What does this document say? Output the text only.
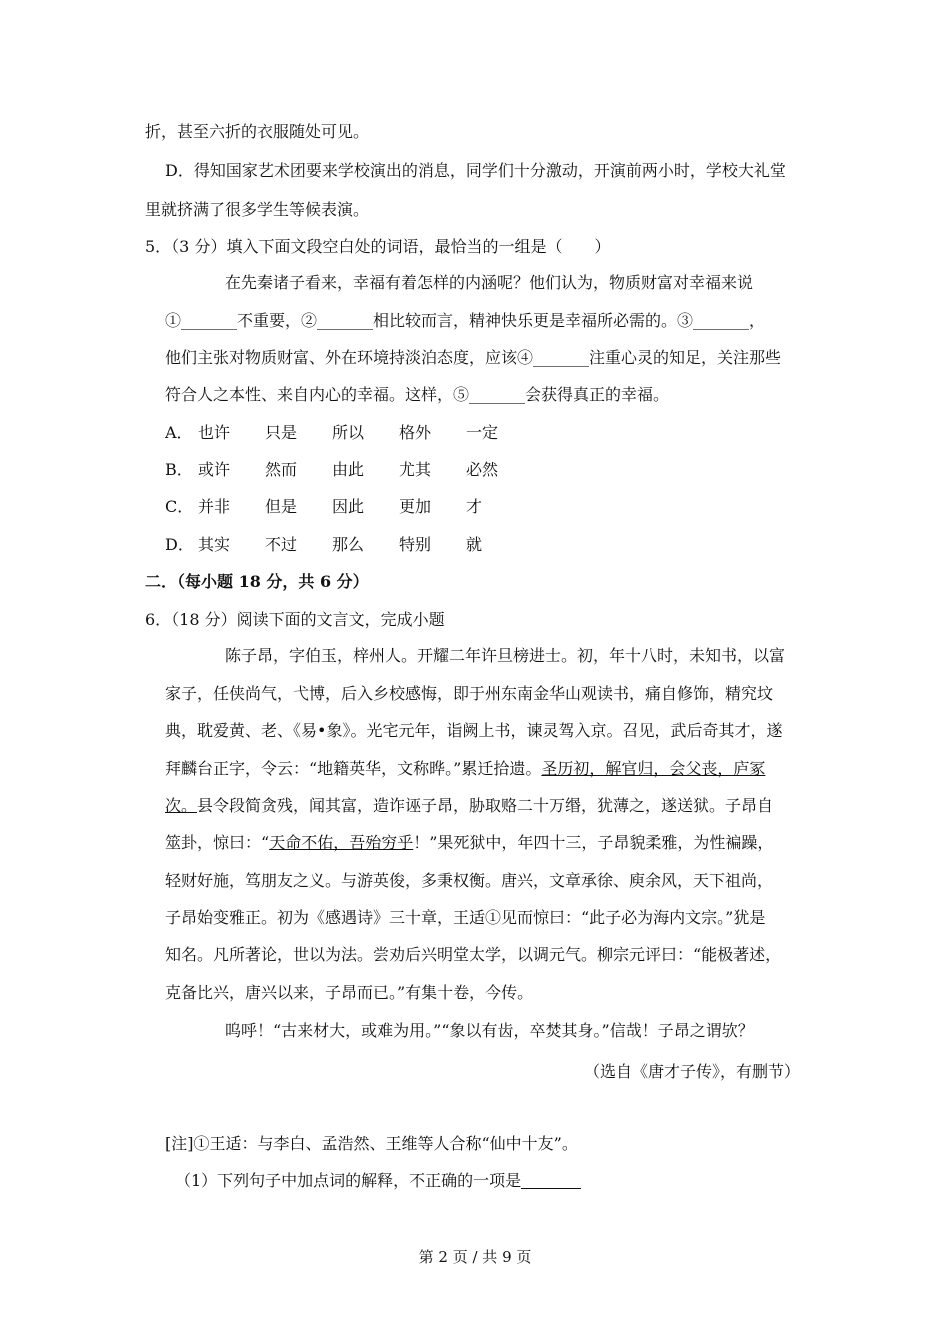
折，甚至六折的衣服随处可见。
D．得知国家艺术团要来学校演出的消息，同学们十分激动，开演前两小时，学校大礼堂
里就挤满了很多学生等候表演。
5．（3 分）填入下面文段空白处的词语，最恰当的一组是（　　）
在先秦诸子看来，幸福有着怎样的内涵呢？他们认为，物质财富对幸福来说
①_______不重要，②_______相比较而言，精神快乐更是幸福所必需的。③_______，
他们主张对物质财富、外在环境持淡泊态度，应该④_______注重心灵的知足，关注那些
符合人之本性、来自内心的幸福。这样，⑤_______会获得真正的幸福。
A． 也许 只是 所以 格外 一定
B． 或许 然而 由此 尤其 必然
C． 并非 但是 因此 更加 才
D． 其实 不过 那么 特别 就
二．（每小题 18 分，共 6 分）
6．（18 分）阅读下面的文言文，完成小题
陈子昂，字伯玉，梓州人。开耀二年许旦榜进士。初，年十八时，未知书，以富
家子，任侠尚气，弋博，后入乡校感悔，即于州东南金华山观读书，痛自修饰，精究坟
典，耽爱黄、老、《易•象》。光宅元年，诣阙上书，谏灵驾入京。召见，武后奇其才，遂
拜麟台正字，令云：“地籍英华，文称晔。”累迁拾遗。圣历初，解官归，会父丧，庐冢
次。县令段简贪残，闻其富，造诈诬子昂，胁取赂二十万缗，犹薄之，遂送狱。子昂自
筮卦，惊曰：“天命不佑，吾殆穷乎！”果死狱中，年四十三，子昂貌柔雅，为性褊躁，
轻财好施，笃朋友之义。与游英俊，多秉权衡。唐兴，文章承徐、庾余风，天下祖尚，
子昂始变雅正。初为《感遇诗》三十章，王适①见而惊曰：“此子必为海内文宗。”犹是
知名。凡所著论，世以为法。尝劝后兴明堂太学，以调元气。柳宗元评曰：“能极著述，
克备比兴，唐兴以来，子昂而已。”有集十卷，今传。
呜呼！“古来材大，或难为用。”“象以有齿，卒焚其身。”信哉！子昂之谓欤？
（选自《唐才子传》，有删节）
[注]①王适：与李白、孟浩然、王维等人合称“仙中十友”。
（1）下列句子中加点词的解释，不正确的一项是
第 2 页 / 共 9 页
